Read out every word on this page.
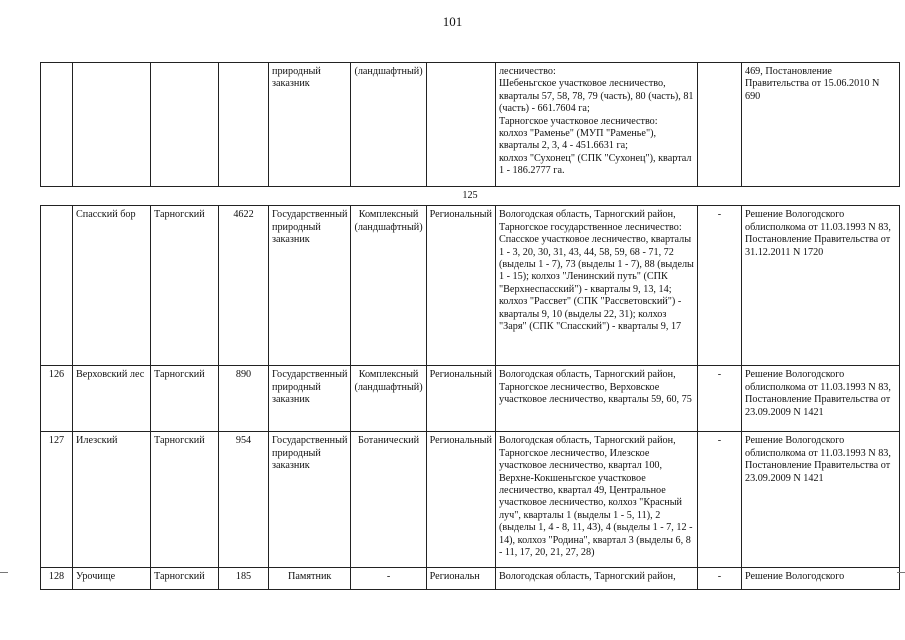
101
				природный заказник	(ландшафтный)		лесничество:
Шебеньгское участковое лесничество, кварталы 57, 58, 78, 79 (часть), 80 (часть), 81 (часть) - 661.7604 га;
Тарногское участковое лесничество:
колхоз "Раменье" (МУП "Раменье"), кварталы 2, 3, 4 - 451.6631 га;
колхоз "Сухонец" (СПК "Сухонец"), квартал 1 - 186.2777 га.		469, Постановление Правительства от 15.06.2010 N 690
125									
	Спасский бор	Тарногский	4622	Государственный природный заказник	Комплексный (ландшафтный)	Региональный	Вологодская область, Тарногский район, Тарногское государственное лесничество: Спасское участковое лесничество, кварталы 1 - 3, 20, 30, 31, 43, 44, 58, 59, 68 - 71, 72 (выделы 1 - 7), 73 (выделы 1 - 7), 88 (выделы 1 - 15); колхоз "Ленинский путь" (СПК "Верхнеспасский") - кварталы 9, 13, 14; колхоз "Рассвет" (СПК "Рассветовский") - кварталы 9, 10 (выделы 22, 31); колхоз "Заря" (СПК "Спасский") - кварталы 9, 17	-	Решение Вологодского облисполкома от 11.03.1993 N 83, Постановление Правительства от 31.12.2011 N 1720
126	Верховский лес	Тарногский	890	Государственный природный заказник	Комплексный (ландшафтный)	Региональный	Вологодская область, Тарногский район, Тарногское лесничество, Верховское участковое лесничество, кварталы 59, 60, 75	-	Решение Вологодского облисполкома от 11.03.1993 N 83, Постановление Правительства от 23.09.2009 N 1421
127	Илезский	Тарногский	954	Государственный природный заказник	Ботанический	Региональный	Вологодская область, Тарногский район, Тарногское лесничество, Илезское участковое лесничество, квартал 100, Верхне-Кокшеньгское участковое лесничество, квартал 49, Центральное участковое лесничество, колхоз "Красный луч", кварталы 1 (выделы 1 - 5, 11), 2 (выделы 1, 4 - 8, 11, 43), 4 (выделы 1 - 7, 12 - 14), колхоз "Родина", квартал 3 (выделы 6, 8 - 11, 17, 20, 21, 27, 28)	-	Решение Вологодского облисполкома от 11.03.1993 N 83, Постановление Правительства от 23.09.2009 N 1421
128	Урочище	Тарногский	185	Памятник	-	Региональн	Вологодская область, Тарногский район,	-	Решение Вологодского
